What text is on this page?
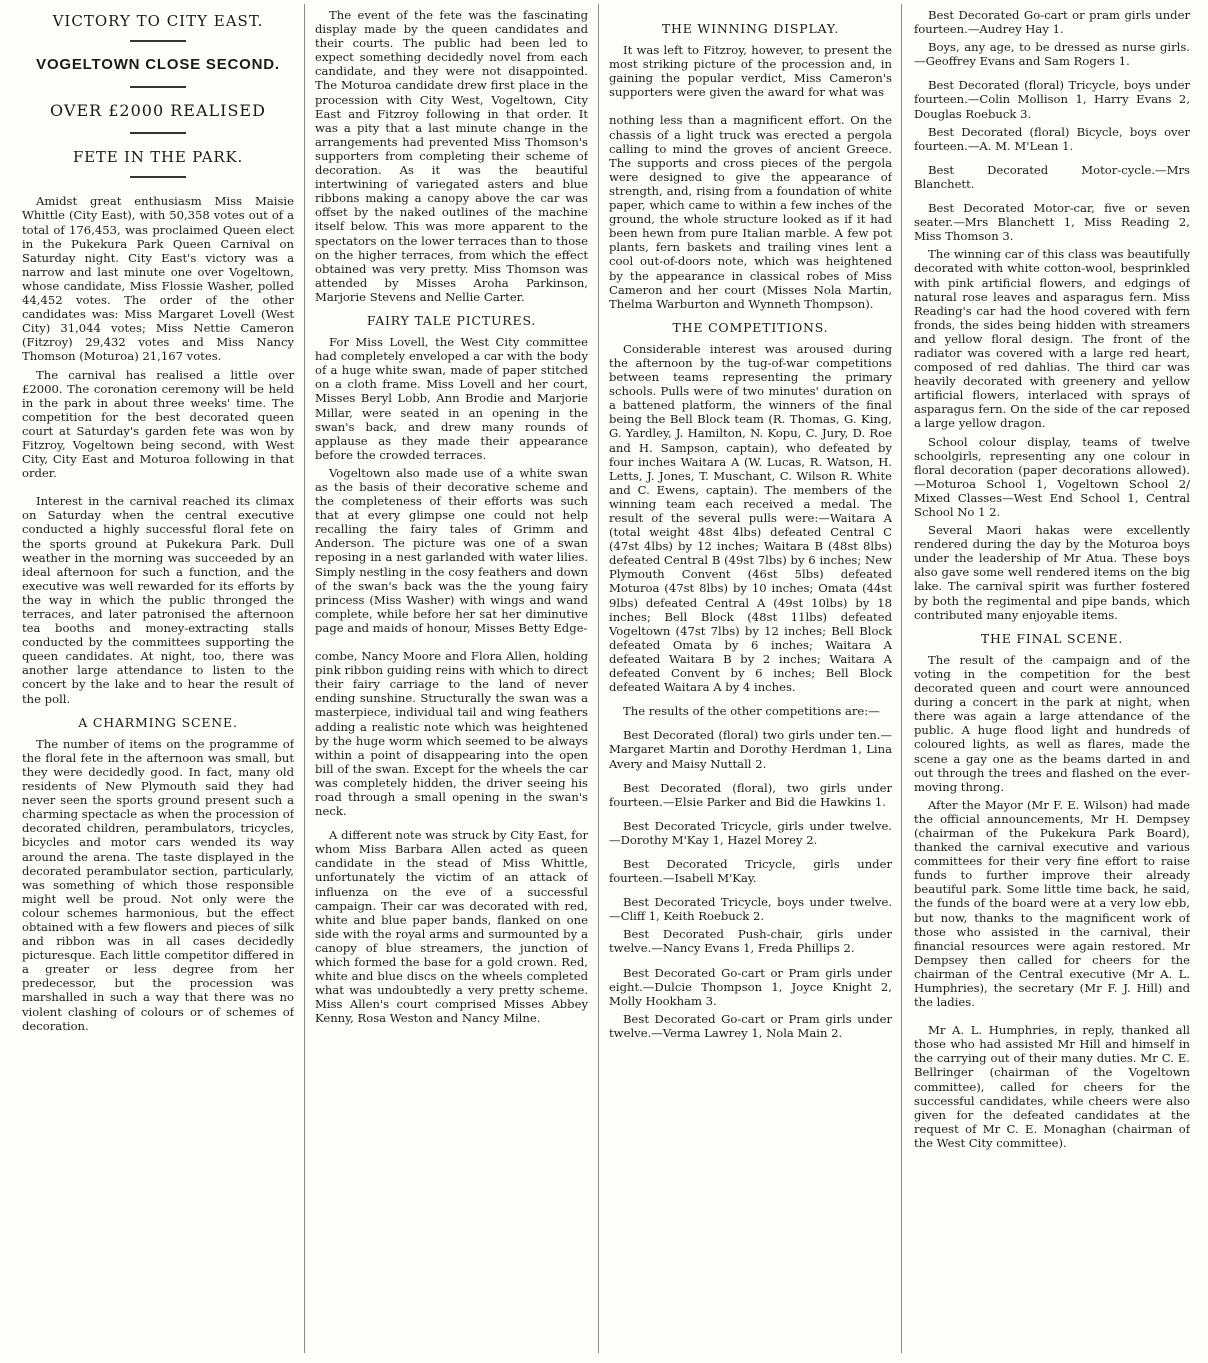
VICTORY TO CITY EAST.
VOGELTOWN CLOSE SECOND.
OVER £2000 REALISED
FETE IN THE PARK.

Amidst great enthusiasm Miss Maisie Whittle (City East), with 50,358 votes out of a total of 176,453, was proclaimed Queen elect in the Pukekura Park Queen Carnival on Saturday night. City East's victory was a narrow and last minute one over Vogeltown, whose candidate, Miss Flossie Washer, polled 44,452 votes. The order of the other candidates was: Miss Margaret Lovell (West City) 31,044 votes; Miss Nettie Cameron (Fitzroy) 29,432 votes and Miss Nancy Thomson (Moturoa) 21,167 votes.

The carnival has realised a little over £2000. The coronation ceremony will be held in the park in about three weeks' time. The competition for the best decorated queen court at Saturday's garden fete was won by Fitzroy, Vogeltown being second, with West City, City East and Moturoa following in that order.

Interest in the carnival reached its climax on Saturday when the central executive conducted a highly successful floral fete on the sports ground at Pukekura Park. Dull weather in the morning was succeeded by an ideal afternoon for such a function, and the executive was well rewarded for its efforts by the way in which the public thronged the terraces, and later patronised the afternoon tea booths and money-extracting stalls conducted by the committees supporting the queen candidates. At night, too, there was another large attendance to listen to the concert by the lake and to hear the result of the poll.

A CHARMING SCENE.

The number of items on the programme of the floral fete in the afternoon was small, but they were decidedly good. In fact, many old residents of New Plymouth said they had never seen the sports ground present such a charming spectacle as when the procession of decorated children, perambulators, tricycles, bicycles and motor cars wended its way around the arena. The taste displayed in the decorated perambulator section, particularly, was something of which those responsible might well be proud. Not only were the colour schemes harmonious, but the effect obtained with a few flowers and pieces of silk and ribbon was in all cases decidedly picturesque. Each little competitor differed in a greater or less degree from her predecessor, but the procession was marshalled in such a way that there was no violent clashing of colours or of schemes of decoration.

The event of the fete was the fascinating display made by the queen candidates and their courts. The public had been led to expect something decidedly novel from each candidate, and they were not disappointed. The Moturoa candidate drew first place in the procession with City West, Vogeltown, City East and Fitzroy following in that order. It was a pity that a last minute change in the arrangements had prevented Miss Thomson's supporters from completing their scheme of decoration. As it was the beautiful intertwining of variegated asters and blue ribbons making a canopy above the car was offset by the naked outlines of the machine itself below. This was more apparent to the spectators on the lower terraces than to those on the higher terraces, from which the effect obtained was very pretty. Miss Thomson was attended by Misses Aroha Parkinson, Marjorie Stevens and Nellie Carter.

FAIRY TALE PICTURES.

For Miss Lovell, the West City committee had completely enveloped a car with the body of a huge white swan, made of paper stitched on a cloth frame. Miss Lovell and her court, Misses Beryl Lobb, Ann Brodie and Marjorie Millar, were seated in an opening in the swan's back, and drew many rounds of applause as they made their appearance before the crowded terraces.

Vogeltown also made use of a white swan as the basis of their decorative scheme and the completeness of their efforts was such that at every glimpse one could not help recalling the fairy tales of Grimm and Anderson. The picture was one of a swan reposing in a nest garlanded with water lilies. Simply nestling in the cosy feathers and down of the swan's back was the the young fairy princess (Miss Washer) with wings and wand complete, while before her sat her diminutive page and maids of honour, Misses Betty Edge-

combe, Nancy Moore and Flora Allen, holding pink ribbon guiding reins with which to direct their fairy carriage to the land of never ending sunshine. Structurally the swan was a masterpiece, individual tail and wing feathers adding a realistic note which was heightened by the huge worm which seemed to be always within a point of disappearing into the open bill of the swan. Except for the wheels the car was completely hidden, the driver seeing his road through a small opening in the swan's neck.

A different note was struck by City East, for whom Miss Barbara Allen acted as queen candidate in the stead of Miss Whittle, unfortunately the victim of an attack of influenza on the eve of a successful campaign. Their car was decorated with red, white and blue paper bands, flanked on one side with the royal arms and surmounted by a canopy of blue streamers, the junction of which formed the base for a gold crown. Red, white and blue discs on the wheels completed what was undoubtedly a very pretty scheme. Miss Allen's court comprised Misses Abbey Kenny, Rosa Weston and Nancy Milne.

THE WINNING DISPLAY.

It was left to Fitzroy, however, to present the most striking picture of the procession and, in gaining the popular verdict, Miss Cameron's supporters were given the award for what was

nothing less than a magnificent effort. On the chassis of a light truck was erected a pergola calling to mind the groves of ancient Greece. The supports and cross pieces of the pergola were designed to give the appearance of strength, and, rising from a foundation of white paper, which came to within a few inches of the ground, the whole structure looked as if it had been hewn from pure Italian marble. A few pot plants, fern baskets and trailing vines lent a cool out-of-doors note, which was heightened by the appearance in classical robes of Miss Cameron and her court (Misses Nola Martin, Thelma Warburton and Wynneth Thompson).

THE COMPETITIONS.

Considerable interest was aroused during the afternoon by the tug-of-war competitions between teams representing the primary schools. Pulls were of two minutes' duration on a battened platform, the winners of the final being the Bell Block team (R. Thomas, G. King, G. Yardley, J. Hamilton, N. Kopu, C. Jury, D. Roe and H. Sampson, captain), who defeated by four inches Waitara A (W. Lucas, R. Watson, H. Letts, J. Jones, T. Muschant, C. Wilson R. White and C. Ewens, captain). The members of the winning team each received a medal. The result of the several pulls were:—Waitara A (total weight 48st 4lbs) defeated Central C (47st 4lbs) by 12 inches; Waitara B (48st 8lbs) defeated Central B (49st 7lbs) by 6 inches; New Plymouth Convent (46st 5lbs) defeated Moturoa (47st 8lbs) by 10 inches; Omata (44st 9lbs) defeated Central A (49st 10lbs) by 18 inches; Bell Block (48st 11lbs) defeated Vogeltown (47st 7lbs) by 12 inches; Bell Block defeated Omata by 6 inches; Waitara A defeated Waitara B by 2 inches; Waitara A defeated Convent by 6 inches; Bell Block defeated Waitara A by 4 inches.

The results of the other competitions are:—

Best Decorated (floral) two girls under ten.—Margaret Martin and Dorothy Herdman 1, Lina Avery and Maisy Nuttall 2.

Best Decorated (floral), two girls under fourteen.—Elsie Parker and Bid die Hawkins 1.

Best Decorated Tricycle, girls under twelve.—Dorothy M'Kay 1, Hazel Morey 2.

Best Decorated Tricycle, girls under fourteen.—Isabell M'Kay.

Best Decorated Tricycle, boys under twelve.—Cliff 1, Keith Roebuck 2.

Best Decorated Push-chair, girls under twelve.—Nancy Evans 1, Freda Phillips 2.

Best Decorated Go-cart or Pram girls under eight.—Dulcie Thompson 1, Joyce Knight 2, Molly Hookham 3.

Best Decorated Go-cart or Pram girls under twelve.—Verma Lawrey 1, Nola Main 2.

Best Decorated Go-cart or pram girls under fourteen.—Audrey Hay 1.

Boys, any age, to be dressed as nurse girls.—Geoffrey Evans and Sam Rogers 1.

Best Decorated (floral) Tricycle, boys under fourteen.—Colin Mollison 1, Harry Evans 2, Douglas Roebuck 3.

Best Decorated (floral) Bicycle, boys over fourteen.—A. M. M'Lean 1.

Best Decorated Motor-cycle.—Mrs Blanchett.

Best Decorated Motor-car, five or seven seater.—Mrs Blanchett 1, Miss Reading 2, Miss Thomson 3.

The winning car of this class was beautifully decorated with white cotton-wool, besprinkled with pink artificial flowers, and edgings of natural rose leaves and asparagus fern. Miss Reading's car had the hood covered with fern fronds, the sides being hidden with streamers and yellow floral design. The front of the radiator was covered with a large red heart, composed of red dahlias. The third car was heavily decorated with greenery and yellow artificial flowers, interlaced with sprays of asparagus fern. On the side of the car reposed a large yellow dragon.

School colour display, teams of twelve schoolgirls, representing any one colour in floral decoration (paper decorations allowed).—Moturoa School 1, Vogeltown School 2/ Mixed Classes—West End School 1, Central School No 1 2.

Several Maori hakas were excellently rendered during the day by the Moturoa boys under the leadership of Mr Atua. These boys also gave some well rendered items on the big lake. The carnival spirit was further fostered by both the regimental and pipe bands, which contributed many enjoyable items.

THE FINAL SCENE.

The result of the campaign and of the voting in the competition for the best decorated queen and court were announced during a concert in the park at night, when there was again a large attendance of the public. A huge flood light and hundreds of coloured lights, as well as flares, made the scene a gay one as the beams darted in and out through the trees and flashed on the ever-moving throng.

After the Mayor (Mr F. E. Wilson) had made the official announcements, Mr H. Dempsey (chairman of the Pukekura Park Board), thanked the carnival executive and various committees for their very fine effort to raise funds to further improve their already beautiful park. Some little time back, he said, the funds of the board were at a very low ebb, but now, thanks to the magnificent work of those who assisted in the carnival, their financial resources were again restored. Mr Dempsey then called for cheers for the chairman of the Central executive (Mr A. L. Humphries), the secretary (Mr F. J. Hill) and the ladies.

Mr A. L. Humphries, in reply, thanked all those who had assisted Mr Hill and himself in the carrying out of their many duties. Mr C. E. Bellringer (chairman of the Vogeltown committee), called for cheers for the successful candidates, while cheers were also given for the defeated candidates at the request of Mr C. E. Monaghan (chairman of the West City committee).
